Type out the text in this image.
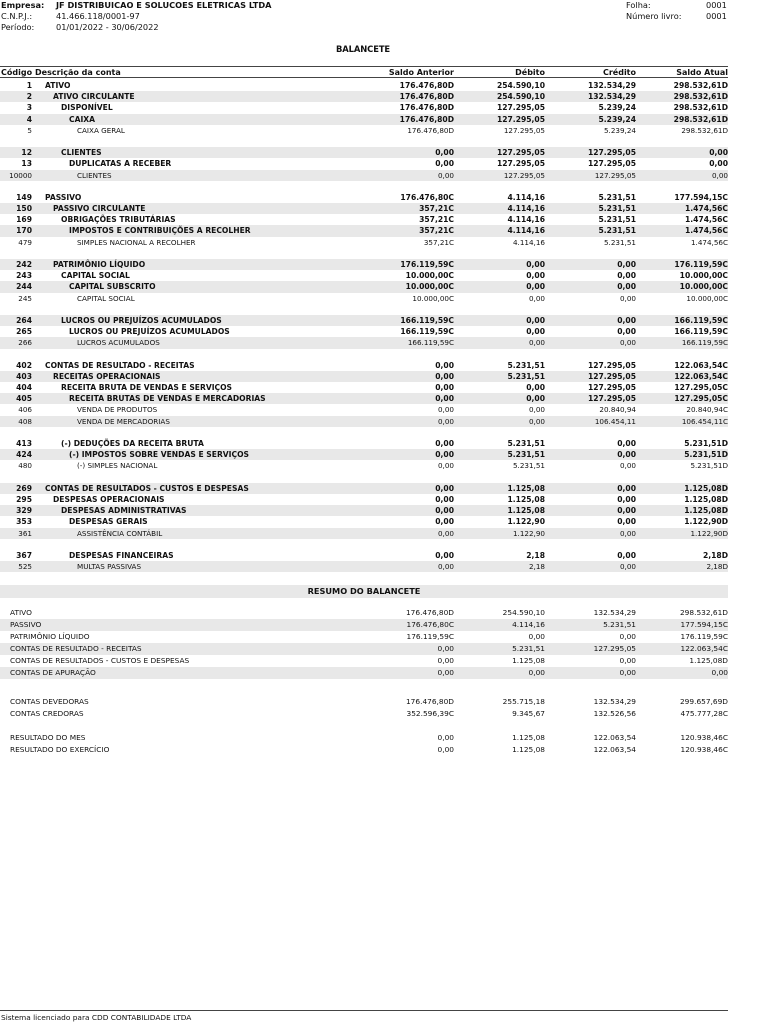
Empresa: JF DISTRIBUICAO E SOLUCOES ELETRICAS LTDA
C.N.P.J.:	41.466.118/0001-97
Período:	01/01/2022 - 30/06/2022
Folha:	0001
Número livro:	0001
BALANCETE
Código Descrição da conta	Saldo Anterior	Débito	Crédito	Saldo Atual
1 ATIVO	176.476,80D	254.590,10	132.534,29	298.532,61D
2	ATIVO CIRCULANTE	176.476,80D	254.590,10	132.534,29	298.532,61D
3	DISPONÍVEL	176.476,80D	127.295,05	5.239,24	298.532,61D
4	CAIXA	176.476,80D	127.295,05	5.239,24	298.532,61D
5	CAIXA GERAL	176.476,80D	127.295,05	5.239,24	298.532,61D
12	CLIENTES	0,00	127.295,05	127.295,05	0,00
13	DUPLICATAS A RECEBER	0,00	127.295,05	127.295,05	0,00
10000	CLIENTES	0,00	127.295,05	127.295,05	0,00
149 PASSIVO	176.476,80C	4.114,16	5.231,51	177.594,15C
150	PASSIVO CIRCULANTE	357,21C	4.114,16	5.231,51	1.474,56C
169	OBRIGAÇÕES TRIBUTÁRIAS	357,21C	4.114,16	5.231,51	1.474,56C
170	IMPOSTOS E CONTRIBUIÇÕES A RECOLHER	357,21C	4.114,16	5.231,51	1.474,56C
479	SIMPLES NACIONAL A RECOLHER	357,21C	4.114,16	5.231,51	1.474,56C
242	PATRIMÔNIO LÍQUIDO	176.119,59C	0,00	0,00	176.119,59C
243	CAPITAL SOCIAL	10.000,00C	0,00	0,00	10.000,00C
244	CAPITAL SUBSCRITO	10.000,00C	0,00	0,00	10.000,00C
245	CAPITAL SOCIAL	10.000,00C	0,00	0,00	10.000,00C
264	LUCROS OU PREJUÍZOS ACUMULADOS	166.119,59C	0,00	0,00	166.119,59C
265	LUCROS OU PREJUÍZOS ACUMULADOS	166.119,59C	0,00	0,00	166.119,59C
266	LUCROS ACUMULADOS	166.119,59C	0,00	0,00	166.119,59C
402 CONTAS DE RESULTADO - RECEITAS	0,00	5.231,51	127.295,05	122.063,54C
403	RECEITAS OPERACIONAIS	0,00	5.231,51	127.295,05	122.063,54C
404	RECEITA BRUTA DE VENDAS E SERVIÇOS	0,00	0,00	127.295,05	127.295,05C
405	RECEITA BRUTAS DE VENDAS E MERCADORIAS	0,00	0,00	127.295,05	127.295,05C
406	VENDA DE PRODUTOS	0,00	0,00	20.840,94	20.840,94C
408	VENDA DE MERCADORIAS	0,00	0,00	106.454,11	106.454,11C
413	(-) DEDUÇÕES DA RECEITA BRUTA	0,00	5.231,51	0,00	5.231,51D
424	(-) IMPOSTOS SOBRE VENDAS E SERVIÇOS	0,00	5.231,51	0,00	5.231,51D
480	(-) SIMPLES NACIONAL	0,00	5.231,51	0,00	5.231,51D
269 CONTAS DE RESULTADOS - CUSTOS E DESPESAS	0,00	1.125,08	0,00	1.125,08D
295	DESPESAS OPERACIONAIS	0,00	1.125,08	0,00	1.125,08D
329	DESPESAS ADMINISTRATIVAS	0,00	1.125,08	0,00	1.125,08D
353	DESPESAS GERAIS	0,00	1.122,90	0,00	1.122,90D
361	ASSISTÊNCIA CONTÁBIL	0,00	1.122,90	0,00	1.122,90D
367	DESPESAS FINANCEIRAS	0,00	2,18	0,00	2,18D
525	MULTAS PASSIVAS	0,00	2,18	0,00	2,18D
RESUMO DO BALANCETE
ATIVO	176.476,80D	254.590,10	132.534,29	298.532,61D
PASSIVO	176.476,80C	4.114,16	5.231,51	177.594,15C
PATRIMÔNIO LÍQUIDO	176.119,59C	0,00	0,00	176.119,59C
CONTAS DE RESULTADO - RECEITAS	0,00	5.231,51	127.295,05	122.063,54C
CONTAS DE RESULTADOS - CUSTOS E DESPESAS	0,00	1.125,08	0,00	1.125,08D
CONTAS DE APURAÇÃO	0,00	0,00	0,00	0,00
CONTAS DEVEDORAS	176.476,80D	255.715,18	132.534,29	299.657,69D
CONTAS CREDORAS	352.596,39C	9.345,67	132.526,56	475.777,28C
RESULTADO DO MES	0,00	1.125,08	122.063,54	120.938,46C
RESULTADO DO EXERCÍCIO	0,00	1.125,08	122.063,54	120.938,46C
Sistema licenciado para CDD CONTABILIDADE LTDA
